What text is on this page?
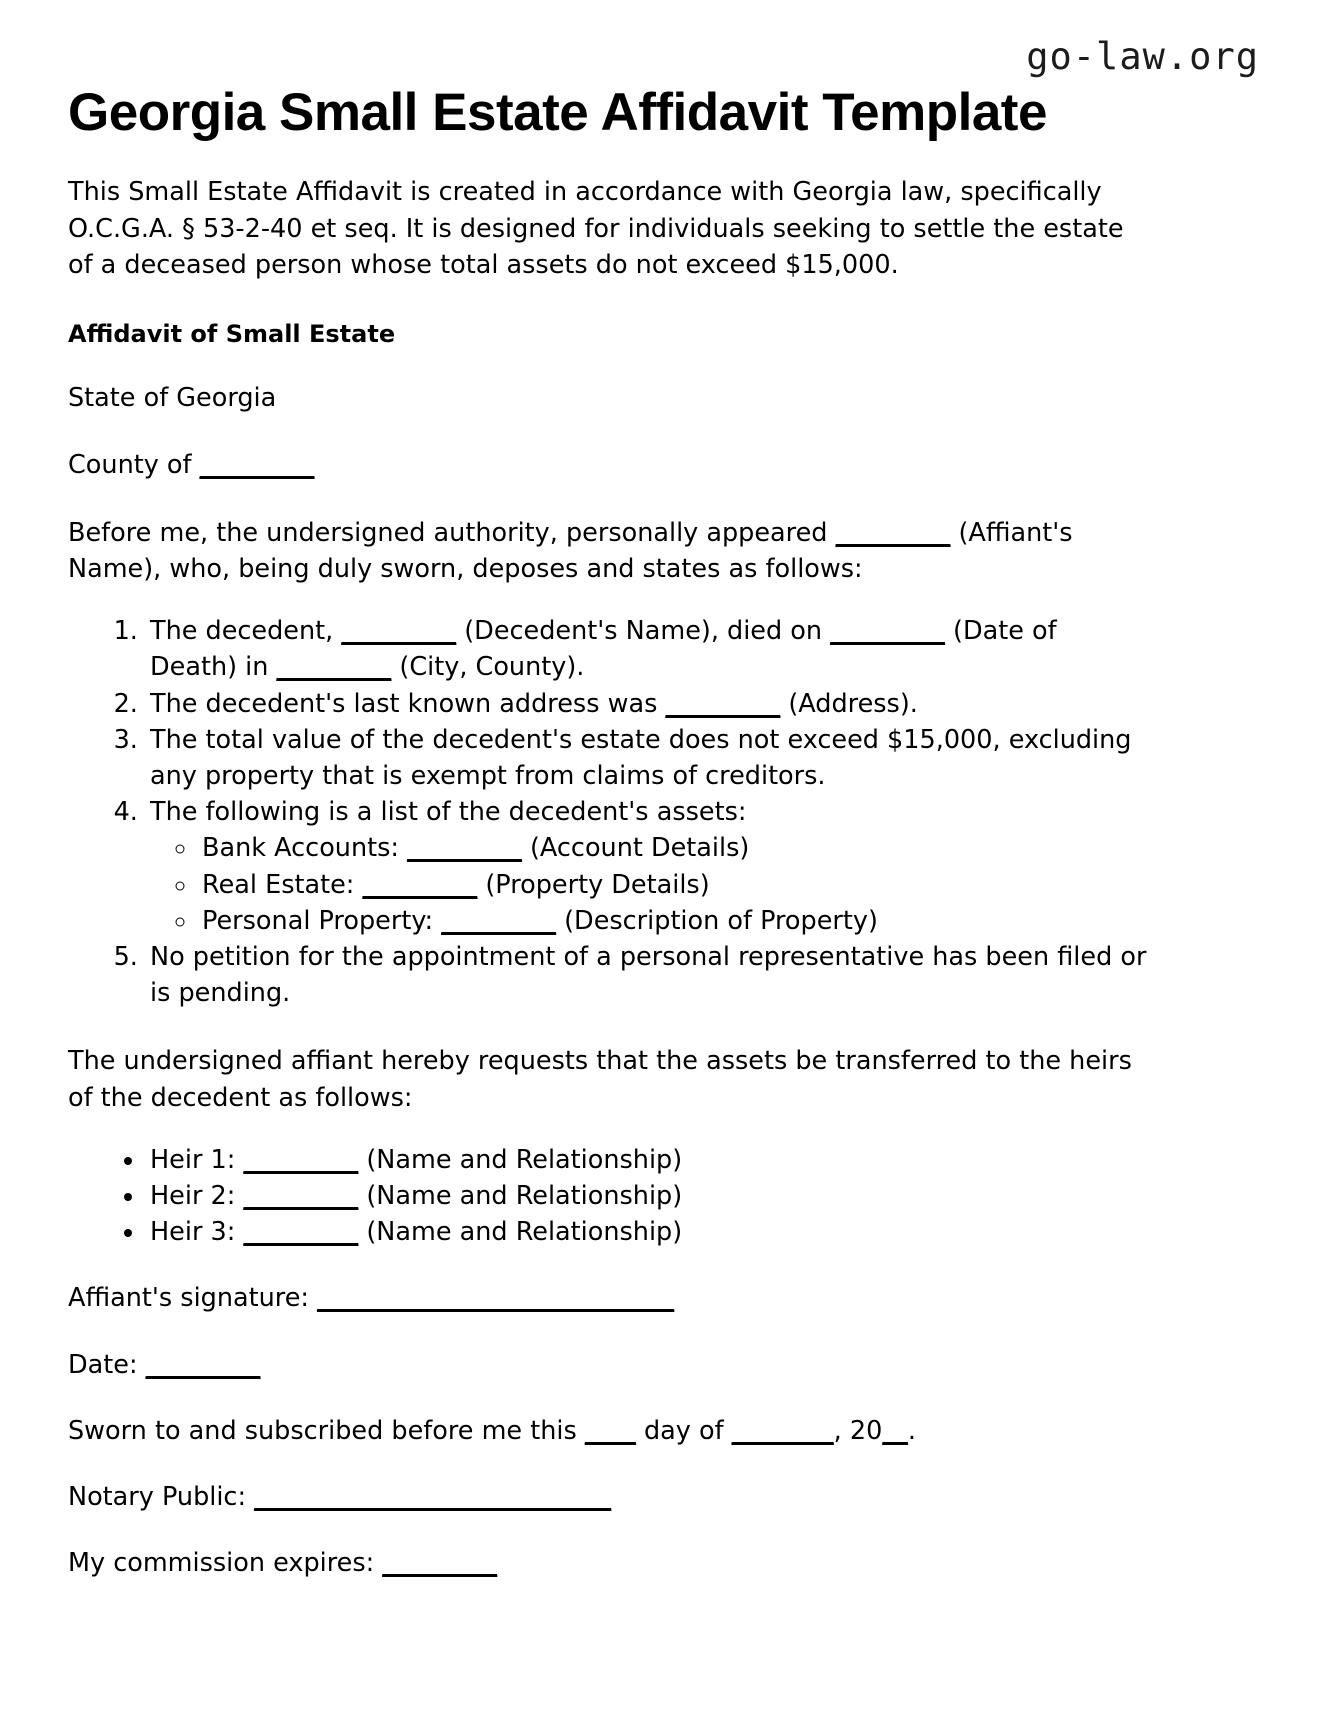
go-law.org
Georgia Small Estate Affidavit Template

This Small Estate Affidavit is created in accordance with Georgia law, specifically O.C.G.A. § 53-2-40 et seq. It is designed for individuals seeking to settle the estate of a deceased person whose total assets do not exceed $15,000.

Affidavit of Small Estate

State of Georgia

County of _________

Before me, the undersigned authority, personally appeared _________ (Affiant's Name), who, being duly sworn, deposes and states as follows:

1. The decedent, _________ (Decedent's Name), died on _________ (Date of Death) in _________ (City, County).
2. The decedent's last known address was _________ (Address).
3. The total value of the decedent's estate does not exceed $15,000, excluding any property that is exempt from claims of creditors.
4. The following is a list of the decedent's assets:
◦ Bank Accounts: _________ (Account Details)
◦ Real Estate: _________ (Property Details)
◦ Personal Property: _________ (Description of Property)
5. No petition for the appointment of a personal representative has been filed or is pending.

The undersigned affiant hereby requests that the assets be transferred to the heirs of the decedent as follows:

• Heir 1: _________ (Name and Relationship)
• Heir 2: _________ (Name and Relationship)
• Heir 3: _________ (Name and Relationship)

Affiant's signature: ____________________________

Date: _________

Sworn to and subscribed before me this ____ day of ________, 20__.

Notary Public: ____________________________

My commission expires: _________
